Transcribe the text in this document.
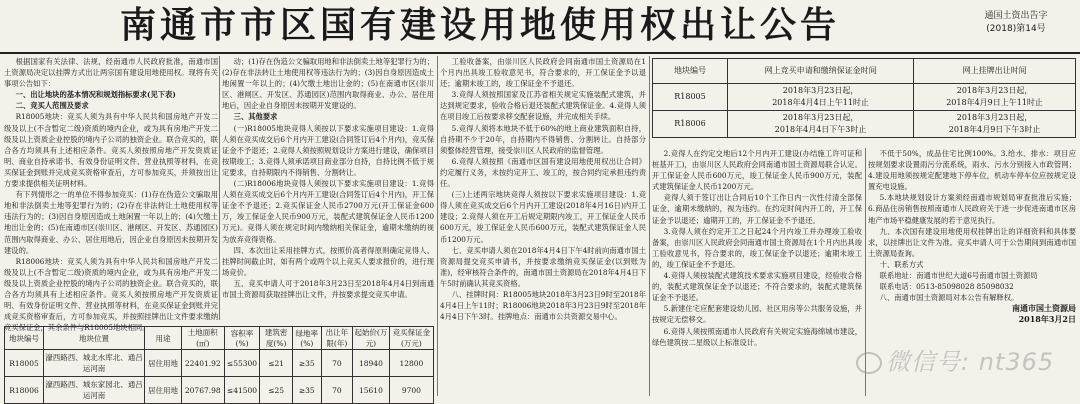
南通市市区国有建设用地使用权出让公告	通国土资出告字
(2018)第14号

根据国家有关法律、法规，经南通市人民政府批准，南通市国土资源局决定以挂牌方式出让两宗国有建设用地使用权。现将有关事项公告如下：

一、出让地块的基本情况和规划指标要求(见下表)

二、竞买人范围及要求

R18005地块：竞买人须为具有中华人民共和国房地产开发二级及以上(不含暂定二级)资质的境内企业，或为具有房地产开发二级及以上资质企业控股的境内子公司的独资企业。联合竞买的，联合各方均须具有上述相应条件。竞买人须按照房地产开发资质证明、商业自持承诺书、有效身份证明文件、营业执照等材料，在竞买保证金到账并完成竞买资格审查后，方可参加竞买，并须按出让方要求提供相关证明材料。

有下列情形之一的单位不得参加竞买：(1)存在伪造公文骗取用地和非法倒卖土地等犯罪行为的；(2)存在非法转让土地使用权等违法行为的；(3)因自身原因造成土地闲置一年以上的；(4)欠缴土地出让金的；(5)在南通市区(崇川区、港闸区、开发区、苏通园区)范围内取得商业、办公、居住用地后，因企业自身原因未按期开发建设的。

R18006地块：竞买人须为具有中华人民共和国房地产开发二级及以上(不含暂定二级)资质的境内企业，或为具有房地产开发二级及以上资质企业控股的境内子公司的独资企业。联合竞买的，联合各方均须具有上述相应条件。竞买人须按照房地产开发资质证明、有效身份证明文件、营业执照等材料，在竞买保证金到账并完成竞买资格审查后，方可参加竞买，并按照挂牌出让文件要求缴纳竞买保证金，其余条件与R18005地块相同。

动；(1)存在伪造公文骗取用地和非法倒卖土地等犯罪行为的；(2)存在非法转让土地使用权等违法行为的；(3)因自身原因造成土地闲置一年以上的；(4)欠缴土地出让金的；(5)在南通市区(崇川区、港闸区、开发区、苏通园区)范围内取得商业、办公、居住用地后，因企业自身原因未按期开发建设的。

三、其他要求

(一)R18005地块竞得人须按以下要求实施项目建设：1.竞得人须在竞买成交后6个月内开工建设(合同签订后4个月内)，竞买保证金不予退还；2.竞得人须按照规划设计方案进行建设，确保项目按期竣工；3.竞得人须承诺项目商业部分自持，自持比例不低于规定要求，自持期限内不得销售、分割转让。

(二)R18006地块竞得人须按以下要求实施项目建设：1.竞得人须在竞买成交后6个月内开工建设(合同签订后4个月内)，开工保证金不予退还；2.竞买保证金人民币2700万元(开工保证金600万，竣工保证金人民币900万元，装配式建筑保证金人民币1200万元)。竞得人须在规定时间内缴纳相关保证金，逾期未缴纳的视为放弃竞得资格。

四、本次出让采用挂牌方式，按照价高者得原则确定竞得人。挂牌时间截止时，如有两个或两个以上竞买人要求报价的，进行现场竞价。

五、竞买申请人可于2018年3月23日至2018年4月4日到南通市国土资源局获取挂牌出让文件，并按要求提交竞买申请。

工验收备案，由崇川区人民政府会同南通市国土资源局在1个月内出具竣工验收意见书，符合要求的，开工保证金予以退还；逾期未竣工的，竣工保证金不予退还。

3.竞得人须按照国家及江苏省相关规定实施装配式建筑，并达到规定要求，验收合格后退还装配式建筑保证金。4.竞得人须在项目竣工后按要求移交配套设施，并完成相关手续。

5.竞得人须将本地块不低于60%的地上商业建筑面积自持，自持期不少于20年，自持期内不得销售、分割转让。自持部分须整体经营管理，接受崇川区人民政府的监督管理。

6.竞得人须按照《南通市区国有建设用地使用权出让合同》约定履行义务，未按约定开工、竣工的，按合同约定承担违约责任。

(三)上述两宗地块竞得人须按以下要求实施项目建设：1.竞得人须在竞买成交后6个月内开工建设(2018年4月16日)内开工建设；2.竞得人须在开工后规定期限内竣工，开工保证金人民币600万元，竣工保证金人民币600万元，装配式建筑保证金人民币1200万元。

七、竞买申请人须在2018年4月4日下午4时前向南通市国土资源局提交竞买申请书，并按要求缴纳竞买保证金(以到账为准)，经审核符合条件的，南通市国土资源局在2018年4月4日下午5时前确认其竞买资格。

八、挂牌时间：R18005地块2018年3月23日9时至2018年4月4日上午11时；R18006地块2018年3月23日9时至2018年4月4日下午3时。挂牌地点：南通市公共资源交易中心。

地块编号	网上竞买申请和缴纳保证金时间	网上挂牌出让时间
R18005	2018年3月23日起，
2018年4月4日上午11时止	2018年3月23日起，
2018年4月9日上午11时止
R18006	2018年3月23日起，
2018年4月4日下午3时止	2018年3月23日起，
2018年4月9日下午3时止

2.竞得人在约定交地后12个月内开工建设(办结施工许可证和桩基开工)，由崇川区人民政府会同南通市国土资源局联合认定。开工保证金人民币600万元，竣工保证金人民币900万元，装配式建筑保证金人民币1200万元。

竞得人须于签订出让合同后10个工作日内一次性付清全部保证金，逾期未缴纳的，视为违约。在约定时间内开工的，开工保证金予以退还；逾期开工的，开工保证金不予退还。

3.竞得人须在约定开工之日起24个月内竣工并办理竣工验收备案，由崇川区人民政府会同南通市国土资源局在1个月内出具竣工验收意见书，符合要求的，竣工保证金予以退还；逾期未竣工的，竣工保证金不予退还。

4.竞得人须按装配式建筑技术要求实施项目建设，经验收合格的，装配式建筑保证金予以退还；不符合要求的，装配式建筑保证金不予退还。

5.新建住宅应配套建设幼儿园、社区用房等公共服务设施，并按规定无偿移交。

6.竞得人须按照南通市人民政府有关规定实施海绵城市建设，绿色建筑按二星级以上标准设计。

不低于50%，成品住宅比例100%。3.给水、排水：项目应按规划要求设置雨污分流系统，雨水、污水分别接入市政管网；4.建设用地须按规定配建地下停车位，机动车停车位应按规定设置充电设施。

5.本地块规划设计方案须经南通市规划局审查批准后实施；6.商品住房销售按照南通市人民政府关于进一步促进南通市区房地产市场平稳健康发展的若干意见执行。

九、本次国有建设用地使用权挂牌出让的详细资料和具体要求，以挂牌出让文件为准。竞买申请人可于公告期间到南通市国土资源局查询。

十、联系方式

联系地址：南通市世纪大道6号南通市国土资源局

联系电话：0513-85098028 85098032

八、南通市国土资源局对本公告有解释权。

南通市国土资源局

2018年3月2日

地块编号	地块位置	用途	土地面积(㎡)	容积率(%)	建筑密度(%)	绿地率(%)	出让年限(年)	起始价(万元)	竞买保证金(万元)
R18005	濠西路西、城北水库北、通吕运河南	居住用地	22401.92	≤55300	≤21	≥35	70	18940	12800
R18006	濠西路西、城东家园北、通吕运河南	居住用地	20767.98	≤41500	≤25	≥35	70	15610	9700
微信号: nt365
